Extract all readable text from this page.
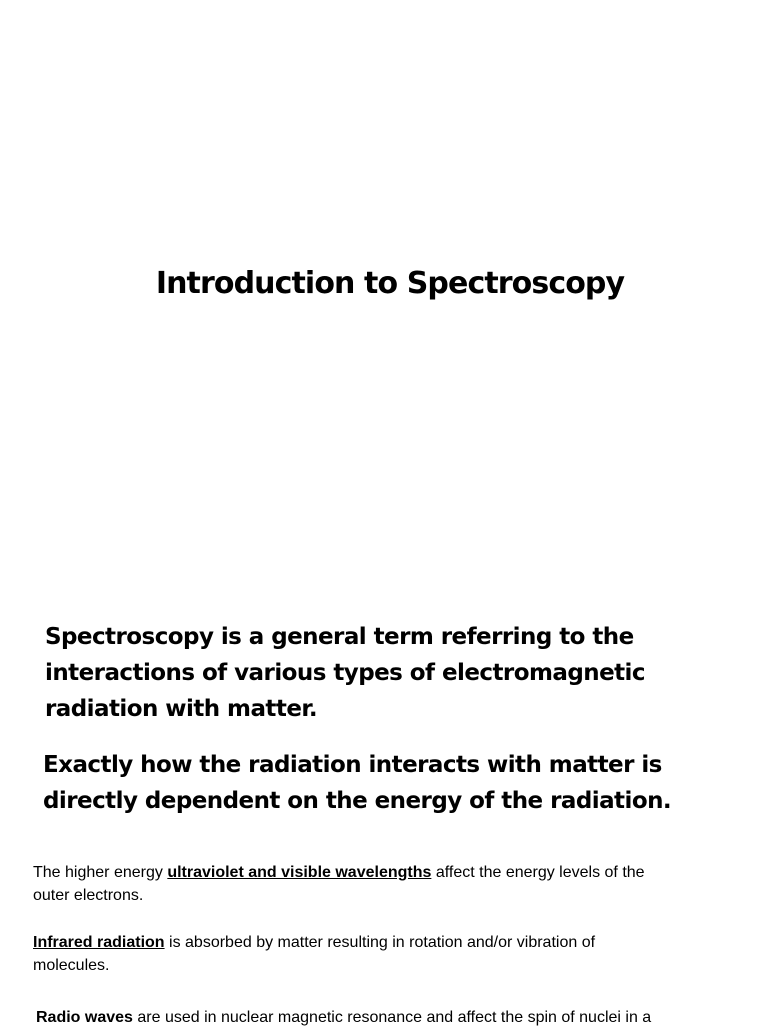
Introduction to Spectroscopy

Spectroscopy is a general term referring to the
interactions of various types of electromagnetic
radiation with matter.

Exactly how the radiation interacts with matter is
directly dependent on the energy of the radiation.

The higher energy ultraviolet and visible wavelengths affect the energy levels of the
outer electrons.

Infrared radiation is absorbed by matter resulting in rotation and/or vibration of
molecules.

Radio waves are used in nuclear magnetic resonance and affect the spin of nuclei in a
